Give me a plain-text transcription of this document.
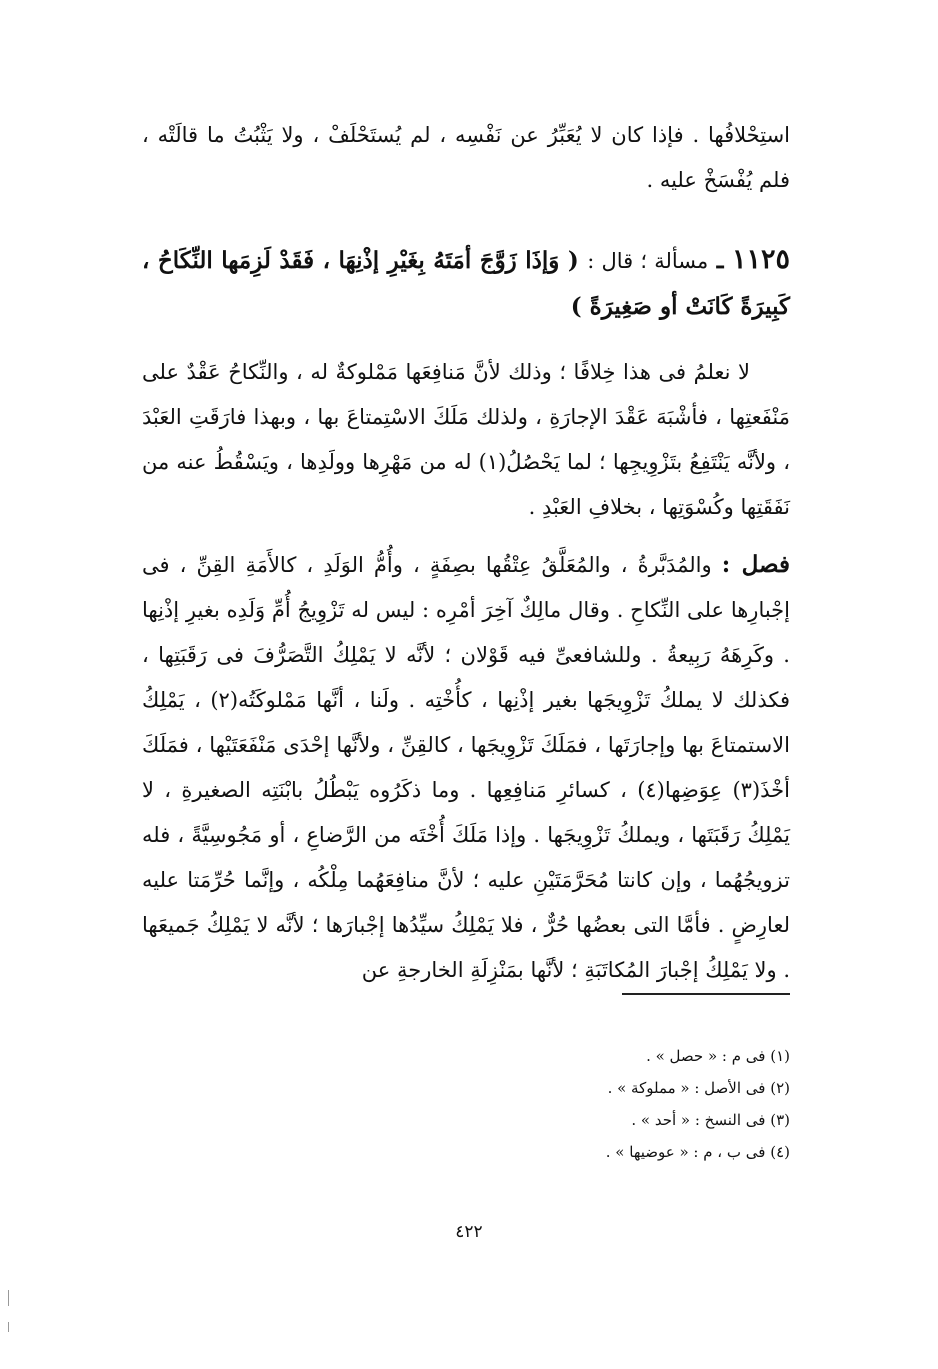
استِحْلافُها . فإذا كان لا يُعَبِّرُ عن نَفْسِه ، لم يُستَحْلَفْ ، ولا يَثْبُتُ ما قالَتْه ، فلم يُفْسَخْ عليه .
١١٢٥ ـ مسألة ؛ قال : ( وَإذَا زَوَّجَ أمَتَهُ بِغَيْرِ إذْنِهَا ، فَقَدْ لَزِمَها النِّكَاحُ ، كَبِيرَةً كَانَتْ أو صَغِيرَةً )
لا نعلمُ فى هذا خِلافًا ؛ وذلك لأنَّ مَنافِعَها مَمْلوكةٌ له ، والنِّكاحُ عَقْدٌ على مَنْفَعتِها ، فأشْبَهَ عَقْدَ الإجارَةِ ، ولذلك مَلَكَ الاسْتِمتاعَ بها ، وبهذا فارَقَتِ العَبْدَ ، ولأنَّه يَنْتَفِعُ بتَزْوِيجِها ؛ لما يَحْصُلُ(١) له من مَهْرِها وولَدِها ، ويَسْقُطُ عنه من نَفَقَتِها وكُسْوَتِها ، بخلافِ العَبْدِ .
فصل : والمُدَبَّرةُ ، والمُعَلَّقُ عِتْقُها بصِفَةٍ ، وأُمُّ الوَلَدِ ، كالأَمَةِ القِنِّ ، فى إجْبارِها على النِّكاحِ . وقال مالِكٌ آخِرَ أمْرِه : ليس له تَزْوِيجُ أُمِّ وَلَدِه بغيرِ إذْنِها . وكَرِهَهُ رَبِيعةُ . وللشافعىِّ فيه قَوْلان ؛ لأنَّه لا يَمْلِكُ التَّصَرُّفَ فى رَقَبَتِها ، فكذلك لا يملكُ تَزْوِيجَها بغير إذْنِها ، كأُخْتِه . ولَنا ، أنَّها مَمْلوكَتُه(٢) ، يَمْلِكُ الاستمتاعَ بها وإجارَتَها ، فمَلَكَ تَزْوِيجَها ، كالقِنِّ ، ولأنَّها إحْدَى مَنْفَعَتَيْها ، فمَلَكَ أخْذَ(٣) عِوَضِها(٤) ، كسائرِ مَنافِعِها . وما ذكَرُوه يَبْطُلُ بابْنَتِه الصغيرةِ ، لا يَمْلِكُ رَقَبَتَها ، ويملكُ تَزْوِيجَها . وإذا مَلَكَ أُخْتَه من الرَّضاعِ ، أو مَجُوسِيَّةً ، فله تزويجُهُما ، وإن كانتا مُحَرَّمَتَيْنِ عليه ؛ لأنَّ منافِعَهُما مِلْكُه ، وإنَّما حُرِّمَتا عليه لعارِضٍ . فأمَّا التى بعضُها حُرٌّ ، فلا يَمْلِكُ سيِّدُها إجْبارَها ؛ لأنَّه لا يَمْلِكُ جَميعَها . ولا يَمْلِكُ إجْبارَ المُكاتَبَةِ ؛ لأنَّها بمَنْزِلَةِ الخارجةِ عن
(١) فى م : « حصل » .
(٢) فى الأصل : « مملوكة » .
(٣) فى النسخ : « أحد » .
(٤) فى ب ، م : « عوضيها » .
٤٢٢
